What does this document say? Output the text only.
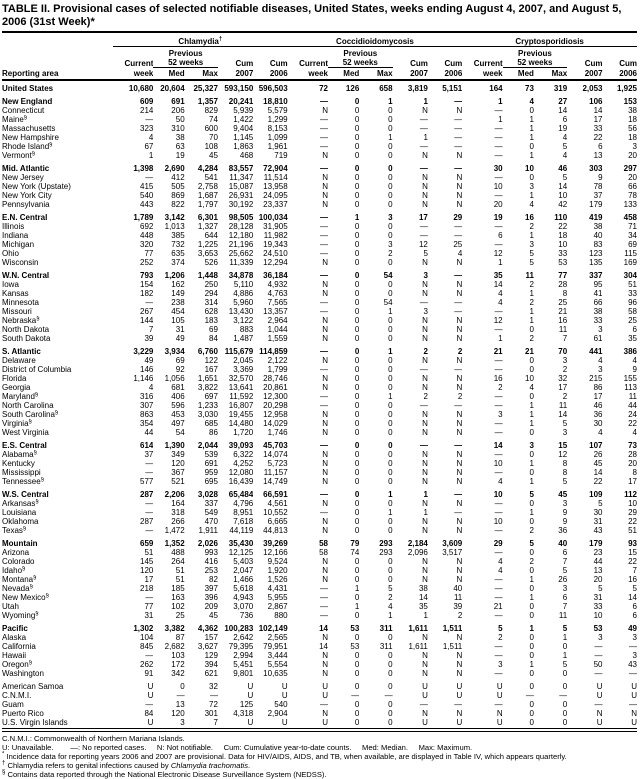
TABLE II. Provisional cases of selected notifiable diseases, United States, weeks ending August 4, 2007, and August 5, 2006 (31st Week)*
	Chlamydia†					Coccidioidomycosis					Cryptosporidiosis				
		Previous					Previous					Previous			
	Current	52 weeks		Cum	Cum	Current	52 weeks		Cum	Cum	Current	52 weeks		Cum	Cum
Reporting area	week	Med	Max	2007	2006	week	Med	Max	2007	2006	week	Med	Max	2007	2006
United States	10,680	20,604	25,327	593,150	596,503	72	126	658	3,819	5,151	164	73	319	2,053	1,925
New England	609	691	1,357	20,241	18,810	—	0	1	1	—	1	4	27	106	153
Connecticut	214	206	829	5,939	5,579	N	0	0	N	N	—	0	14	14	38
Maine§	—	50	74	1,422	1,299	—	0	0	—	—	1	1	6	17	18
Massachusetts	323	310	600	9,404	8,153	—	0	0	—	—	—	1	19	33	56
New Hampshire	4	38	70	1,145	1,099	—	0	1	1	—	—	1	4	22	18
Rhode Island§	67	63	108	1,863	1,961	—	0	0	—	—	—	0	5	6	3
Vermont§	1	19	45	468	719	N	0	0	N	N	—	1	4	13	20
Mid. Atlantic	1,398	2,690	4,284	83,557	72,904	—	0	0	—	—	30	10	46	303	297
New Jersey	—	412	541	11,347	11,514	N	0	0	N	N	—	0	5	9	20
New York (Upstate)	415	505	2,758	15,087	13,958	N	0	0	N	N	10	3	14	78	66
New York City	540	869	1,687	26,931	24,095	N	0	0	N	N	—	1	10	37	78
Pennsylvania	443	822	1,797	30,192	23,337	N	0	0	N	N	20	4	42	179	133
E.N. Central	1,789	3,142	6,301	98,505	100,034	—	1	3	17	29	19	16	110	419	458
Illinois	692	1,013	1,327	28,128	31,905	—	0	0	—	—	—	2	22	38	71
Indiana	448	385	644	12,180	11,982	—	0	0	—	—	6	1	18	40	34
Michigan	320	732	1,225	21,196	19,343	—	0	3	12	25	—	3	10	83	69
Ohio	77	635	3,653	25,662	24,510	—	0	2	5	4	12	5	33	123	115
Wisconsin	252	374	526	11,339	12,294	N	0	0	N	N	1	5	53	135	169
W.N. Central	793	1,206	1,448	34,878	36,184	—	0	54	3	—	35	11	77	337	304
Iowa	154	162	250	5,110	4,932	N	0	0	N	N	14	2	28	95	51
Kansas	182	149	294	4,886	4,763	N	0	0	N	N	4	1	8	41	33
Minnesota	—	238	314	5,960	7,565	—	0	54	—	—	4	2	25	66	96
Missouri	267	454	628	13,430	13,357	—	0	1	3	—	—	1	21	38	58
Nebraska§	144	105	183	3,122	2,964	N	0	0	N	N	12	1	16	33	25
North Dakota	7	31	69	883	1,044	N	0	0	N	N	—	0	11	3	6
South Dakota	39	49	84	1,487	1,559	N	0	0	N	N	1	2	7	61	35
S. Atlantic	3,229	3,934	6,760	115,679	114,859	—	0	1	2	2	21	21	70	441	386
Delaware	49	69	122	2,045	2,122	N	0	0	N	N	—	0	3	4	4
District of Columbia	146	92	167	3,369	1,799	—	0	0	—	—	—	0	2	3	9
Florida	1,146	1,056	1,651	32,570	28,746	N	0	0	N	N	16	10	32	215	155
Georgia	4	681	3,822	13,641	20,861	N	0	0	N	N	2	4	17	86	113
Maryland§	316	406	697	11,592	12,300	—	0	1	2	2	—	0	2	17	11
North Carolina	307	596	1,233	16,807	20,298	—	0	0	—	—	—	1	11	46	44
South Carolina§	863	453	3,030	19,455	12,958	N	0	0	N	N	3	1	14	36	24
Virginia§	354	497	685	14,480	14,029	N	0	0	N	N	—	1	5	30	22
West Virginia	44	54	86	1,720	1,746	N	0	0	N	N	—	0	3	4	4
E.S. Central	614	1,390	2,044	39,093	45,703	—	0	0	—	—	14	3	15	107	73
Alabama§	37	349	539	6,322	14,074	N	0	0	N	N	—	0	12	26	28
Kentucky	—	120	691	4,252	5,723	N	0	0	N	N	10	1	8	45	20
Mississippi	—	367	959	12,080	11,157	N	0	0	N	N	—	0	8	14	8
Tennessee§	577	521	695	16,439	14,749	N	0	0	N	N	4	1	5	22	17
W.S. Central	287	2,206	3,028	65,484	66,591	—	0	1	1	—	10	5	45	109	112
Arkansas§	—	164	337	4,796	4,561	N	0	0	N	N	—	0	3	5	10
Louisiana	—	318	549	8,951	10,552	—	0	1	1	—	—	1	9	30	29
Oklahoma	287	266	470	7,618	6,665	N	0	0	N	N	10	0	9	31	22
Texas§	—	1,472	1,911	44,119	44,813	N	0	0	N	N	—	2	36	43	51
Mountain	659	1,352	2,026	35,430	39,269	58	79	293	2,184	3,609	29	5	40	179	93
Arizona	51	488	993	12,125	12,166	58	74	293	2,096	3,517	—	0	6	23	15
Colorado	145	264	416	5,403	9,524	N	0	0	N	N	4	2	7	44	22
Idaho§	120	51	253	2,047	1,920	N	0	0	N	N	4	0	5	13	7
Montana§	17	51	82	1,466	1,526	N	0	0	N	N	—	1	26	20	16
Nevada§	218	185	397	5,618	4,431	—	1	5	38	40	—	0	3	5	5
New Mexico§	—	163	396	4,943	5,955	—	0	2	14	11	—	1	6	31	14
Utah	77	102	209	3,070	2,867	—	1	4	35	39	21	0	7	33	6
Wyoming§	31	25	45	736	880	—	0	1	1	2	—	0	11	10	6
Pacific	1,302	3,382	4,362	100,283	102,149	14	53	311	1,611	1,511	5	1	5	53	49
Alaska	104	87	157	2,642	2,565	N	0	0	N	N	2	0	1	3	3
California	845	2,682	3,627	79,395	79,951	14	53	311	1,611	1,511	—	0	0	—	—
Hawaii	—	103	129	2,994	3,444	N	0	0	N	N	—	0	1	—	3
Oregon§	262	172	394	5,451	5,554	N	0	0	N	N	3	1	5	50	43
Washington	91	342	621	9,801	10,635	N	0	0	N	N	—	0	0	—	—
American Samoa	U	0	32	U	U	U	0	0	U	U	U	0	0	U	U
C.N.M.I.	U	—	—	U	U	U	—	—	U	U	U	—	—	U	U
Guam	—	13	72	125	540	—	0	0	—	—	—	0	0	—	—
Puerto Rico	84	120	301	4,318	2,904	N	0	0	N	N	N	0	0	N	N
U.S. Virgin Islands	U	3	7	U	U	U	0	0	U	U	U	0	0	U	U
C.N.M.I.: Commonwealth of Northern Mariana Islands.
U: Unavailable.        —: No reported cases.     N: Not notifiable.     Cum: Cumulative year-to-date counts.     Med: Median.     Max: Maximum.
* Incidence data for reporting years 2006 and 2007 are provisional. Data for HIV/AIDS, AIDS, and TB, when available, are displayed in Table IV, which appears quarterly.
† Chlamydia refers to genital infections caused by Chlamydia trachomatis.
§ Contains data reported through the National Electronic Disease Surveillance System (NEDSS).
